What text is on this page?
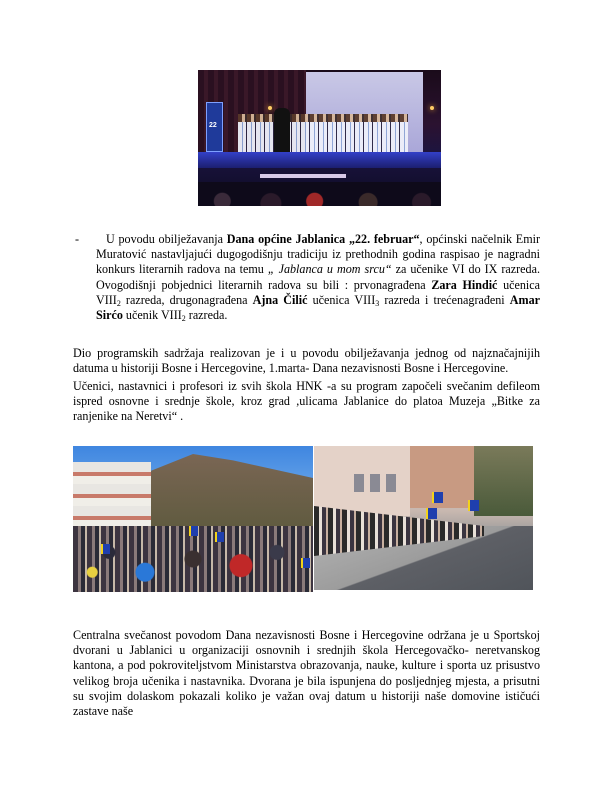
22
-	U povodu obilježavanja Dana općine Jablanica „22. februar“, općinski načelnik Emir Muratović nastavljajući dugogodišnju tradiciju iz prethodnih godina raspisao je nagradni konkurs literarnih radova na temu „ Jablanca u mom srcu“ za učenike VI do IX razreda. Ovogodišnji pobjednici literarnih radova su bili : prvonagrađena Zara Hindić učenica $VIII_2$ razreda, drugonagrađena Ajna Čilić učenica $VIII_3$ razreda i trećenagrađeni Amar Sirćo učenik $VIII_2$ razreda.
Dio programskih sadržaja realizovan je i u povodu obilježavanja jednog od najznačajnijih datuma u historiji Bosne i Hercegovine, 1.marta- Dana nezavisnosti Bosne i Hercegovine.
Učenici, nastavnici i profesori iz svih škola HNK -a su program započeli svečanim defileom ispred osnovne i srednje škole, kroz grad ,ulicama Jablanice do platoa Muzeja „Bitke za ranjenike na Neretvi“ .
Centralna svečanost povodom Dana nezavisnosti Bosne i Hercegovine održana je u Sportskoj dvorani u Jablanici u organizaciji osnovnih i srednjih škola Hercegovačko- neretvanskog kantona, a pod pokroviteljstvom Ministarstva obrazovanja, nauke, kulture i sporta uz prisustvo velikog broja učenika i nastavnika. Dvorana je bila ispunjena do posljednjeg mjesta, a prisutni su svojim dolaskom pokazali koliko je važan ovaj datum u historiji naše domovine ističući zastave naše
